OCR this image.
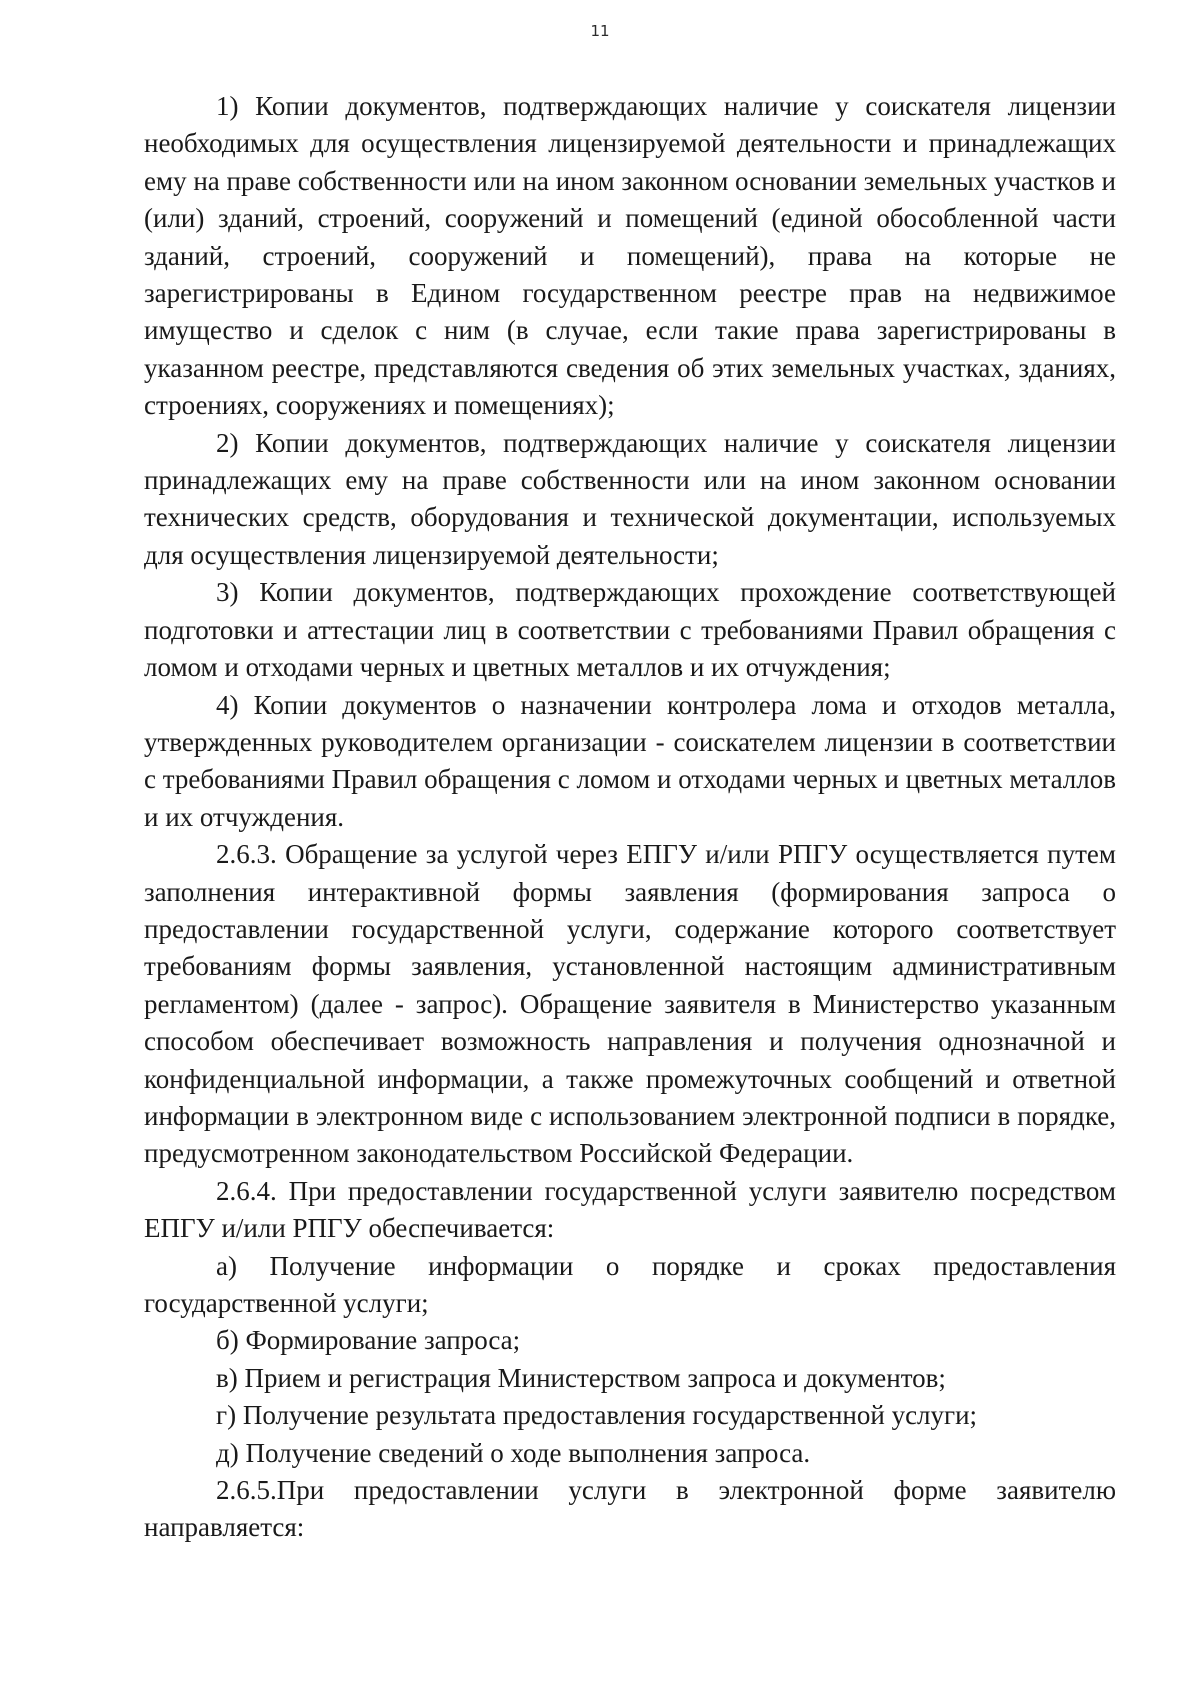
11

1) Копии документов, подтверждающих наличие у соискателя лицензии необходимых для осуществления лицензируемой деятельности и принадлежащих ему на праве собственности или на ином законном основании земельных участков и (или) зданий, строений, сооружений и помещений (единой обособленной части зданий, строений, сооружений и помещений), права на которые не зарегистрированы в Едином государственном реестре прав на недвижимое имущество и сделок с ним (в случае, если такие права зарегистрированы в указанном реестре, представляются сведения об этих земельных участках, зданиях, строениях, сооружениях и помещениях);

2) Копии документов, подтверждающих наличие у соискателя лицензии принадлежащих ему на праве собственности или на ином законном основании технических средств, оборудования и технической документации, используемых для осуществления лицензируемой деятельности;

3) Копии документов, подтверждающих прохождение соответствующей подготовки и аттестации лиц в соответствии с требованиями Правил обращения с ломом и отходами черных и цветных металлов и их отчуждения;

4) Копии документов о назначении контролера лома и отходов металла, утвержденных руководителем организации - соискателем лицензии в соответствии с требованиями Правил обращения с ломом и отходами черных и цветных металлов и их отчуждения.

2.6.3. Обращение за услугой через ЕПГУ и/или РПГУ осуществляется путем заполнения интерактивной формы заявления (формирования запроса о предоставлении государственной услуги, содержание которого соответствует требованиям формы заявления, установленной настоящим административным регламентом) (далее - запрос). Обращение заявителя в Министерство указанным способом обеспечивает возможность направления и получения однозначной и конфиденциальной информации, а также промежуточных сообщений и ответной информации в электронном виде с использованием электронной подписи в порядке, предусмотренном законодательством Российской Федерации.

2.6.4. При предоставлении государственной услуги заявителю посредством ЕПГУ и/или РПГУ обеспечивается:

а) Получение информации о порядке и сроках предоставления государственной услуги;

б) Формирование запроса;

в) Прием и регистрация Министерством запроса и документов;

г) Получение результата предоставления государственной услуги;

д) Получение сведений о ходе выполнения запроса.

2.6.5.При предоставлении услуги в электронной форме заявителю направляется:
